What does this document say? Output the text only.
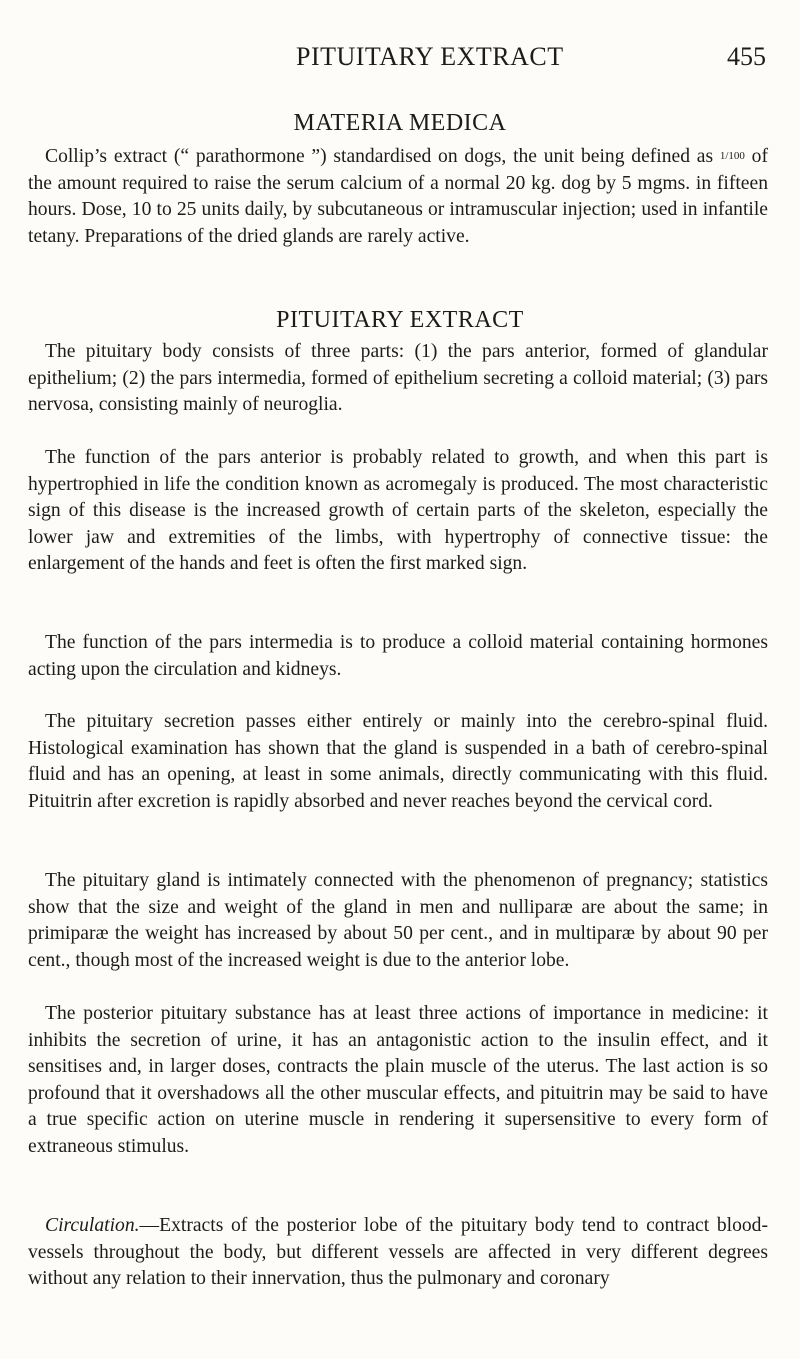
PITUITARY EXTRACT	455
MATERIA MEDICA

Collip’s extract (“ parathormone ”) standardised on dogs, the unit being defined as 1/100 of the amount required to raise the serum calcium of a normal 20 kg. dog by 5 mgms. in fifteen hours. Dose, 10 to 25 units daily, by subcutaneous or intramuscular injection; used in infantile tetany. Preparations of the dried glands are rarely active.

PITUITARY EXTRACT

The pituitary body consists of three parts: (1) the pars anterior, formed of glandular epithelium; (2) the pars intermedia, formed of epithelium secreting a colloid material; (3) pars nervosa, consisting mainly of neuroglia.

The function of the pars anterior is probably related to growth, and when this part is hypertrophied in life the condition known as acromegaly is produced. The most characteristic sign of this disease is the increased growth of certain parts of the skeleton, especially the lower jaw and extremities of the limbs, with hypertrophy of connective tissue: the enlargement of the hands and feet is often the first marked sign.

The function of the pars intermedia is to produce a colloid material containing hormones acting upon the circulation and kidneys.

The pituitary secretion passes either entirely or mainly into the cerebro-spinal fluid. Histological examination has shown that the gland is suspended in a bath of cerebro-spinal fluid and has an opening, at least in some animals, directly communicating with this fluid. Pituitrin after excretion is rapidly absorbed and never reaches beyond the cervical cord.

The pituitary gland is intimately connected with the phenomenon of pregnancy; statistics show that the size and weight of the gland in men and nulliparæ are about the same; in primiparæ the weight has increased by about 50 per cent., and in multiparæ by about 90 per cent., though most of the increased weight is due to the anterior lobe.

The posterior pituitary substance has at least three actions of importance in medicine: it inhibits the secretion of urine, it has an antagonistic action to the insulin effect, and it sensitises and, in larger doses, contracts the plain muscle of the uterus. The last action is so profound that it overshadows all the other muscular effects, and pituitrin may be said to have a true specific action on uterine muscle in rendering it supersensitive to every form of extraneous stimulus.

Circulation.—Extracts of the posterior lobe of the pituitary body tend to contract blood-vessels throughout the body, but different vessels are affected in very different degrees without any relation to their innervation, thus the pulmonary and coronary
